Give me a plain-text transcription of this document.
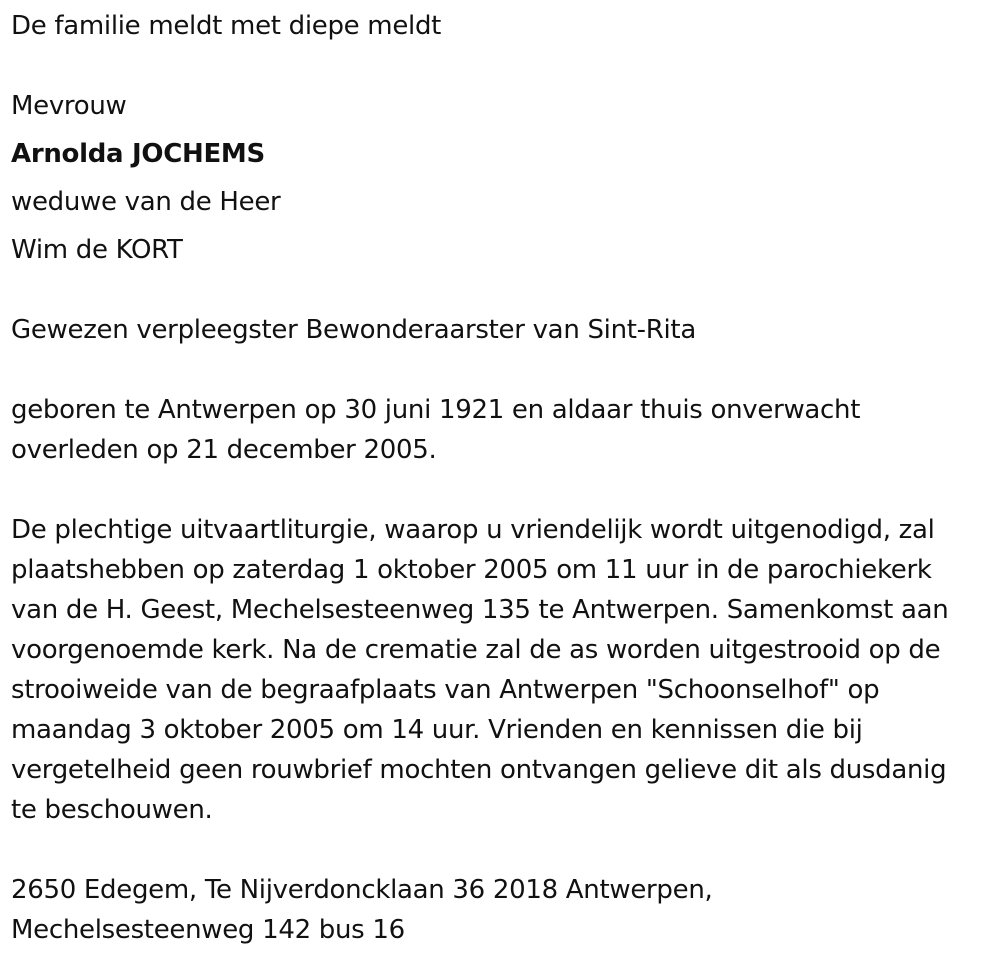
De familie meldt met diepe meldt

Mevrouw

Arnolda JOCHEMS

weduwe van de Heer

Wim de KORT

Gewezen verpleegster Bewonderaarster van Sint-Rita

geboren te Antwerpen op 30 juni 1921 en aldaar thuis onverwacht
overleden op 21 december 2005.
De plechtige uitvaartliturgie, waarop u vriendelijk wordt uitgenodigd, zal
plaatshebben op zaterdag 1 oktober 2005 om 11 uur in de parochiekerk
van de H. Geest, Mechelsesteenweg 135 te Antwerpen. Samenkomst aan
voorgenoemde kerk. Na de crematie zal de as worden uitgestrooid op de
strooiweide van de begraafplaats van Antwerpen "Schoonselhof" op
maandag 3 oktober 2005 om 14 uur. Vrienden en kennissen die bij
vergetelheid geen rouwbrief mochten ontvangen gelieve dit als dusdanig
te beschouwen.
2650 Edegem, Te Nijverdoncklaan 36 2018 Antwerpen,
Mechelsesteenweg 142 bus 16
